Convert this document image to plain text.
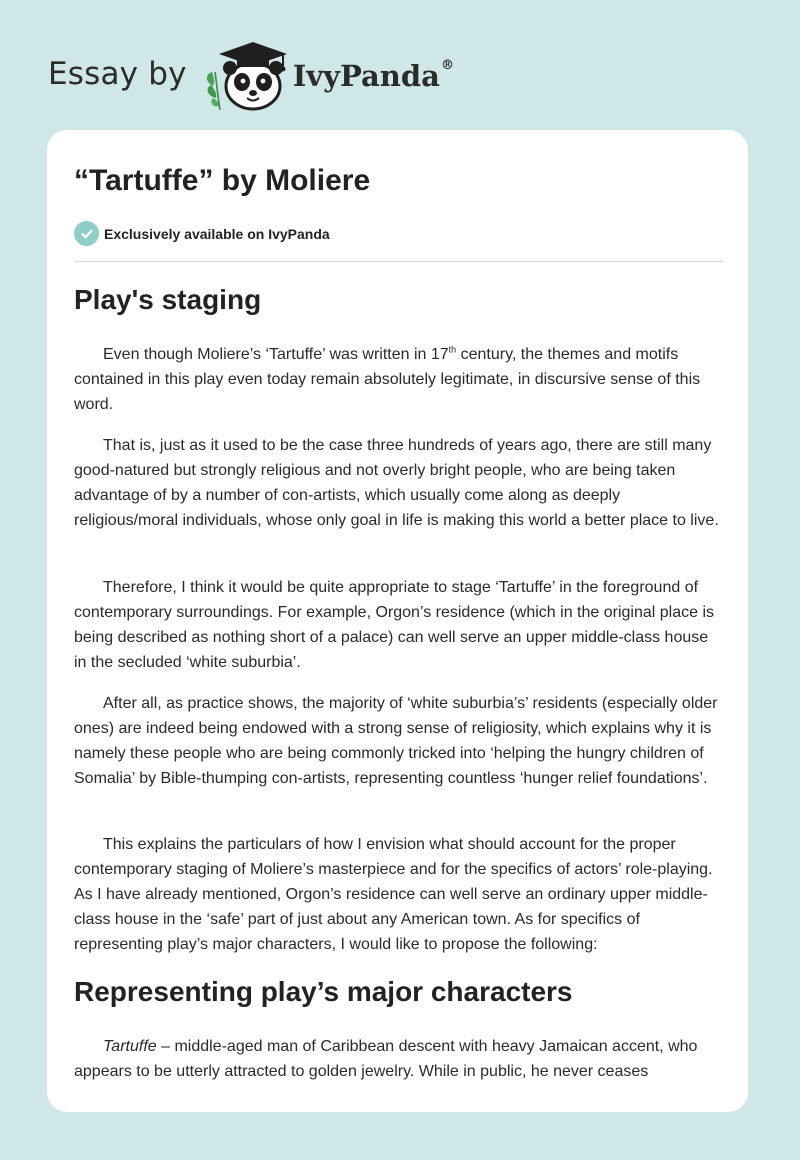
Essay by	IvyPanda®
“Tartuffe” by Moliere
Exclusively available on IvyPanda
Play's staging

Even though Moliere’s ‘Tartuffe’ was written in 17th century, the themes and motifs contained in this play even today remain absolutely legitimate, in discursive sense of this word.

That is, just as it used to be the case three hundreds of years ago, there are still many good-natured but strongly religious and not overly bright people, who are being taken advantage of by a number of con-artists, which usually come along as deeply religious/moral individuals, whose only goal in life is making this world a better place to live.

Therefore, I think it would be quite appropriate to stage ‘Tartuffe’ in the foreground of contemporary surroundings. For example, Orgon’s residence (which in the original place is being described as nothing short of a palace) can well serve an upper middle-class house in the secluded ‘white suburbia’.

After all, as practice shows, the majority of ‘white suburbia’s’ residents (especially older ones) are indeed being endowed with a strong sense of religiosity, which explains why it is namely these people who are being commonly tricked into ‘helping the hungry children of Somalia’ by Bible-thumping con-artists, representing countless ‘hunger relief foundations’.

This explains the particulars of how I envision what should account for the proper contemporary staging of Moliere’s masterpiece and for the specifics of actors’ role-playing. As I have already mentioned, Orgon’s residence can well serve an ordinary upper middle-class house in the ‘safe’ part of just about any American town. As for specifics of representing play’s major characters, I would like to propose the following:

Representing play’s major characters

Tartuffe – middle-aged man of Caribbean descent with heavy Jamaican accent, who appears to be utterly attracted to golden jewelry. While in public, he never ceases
